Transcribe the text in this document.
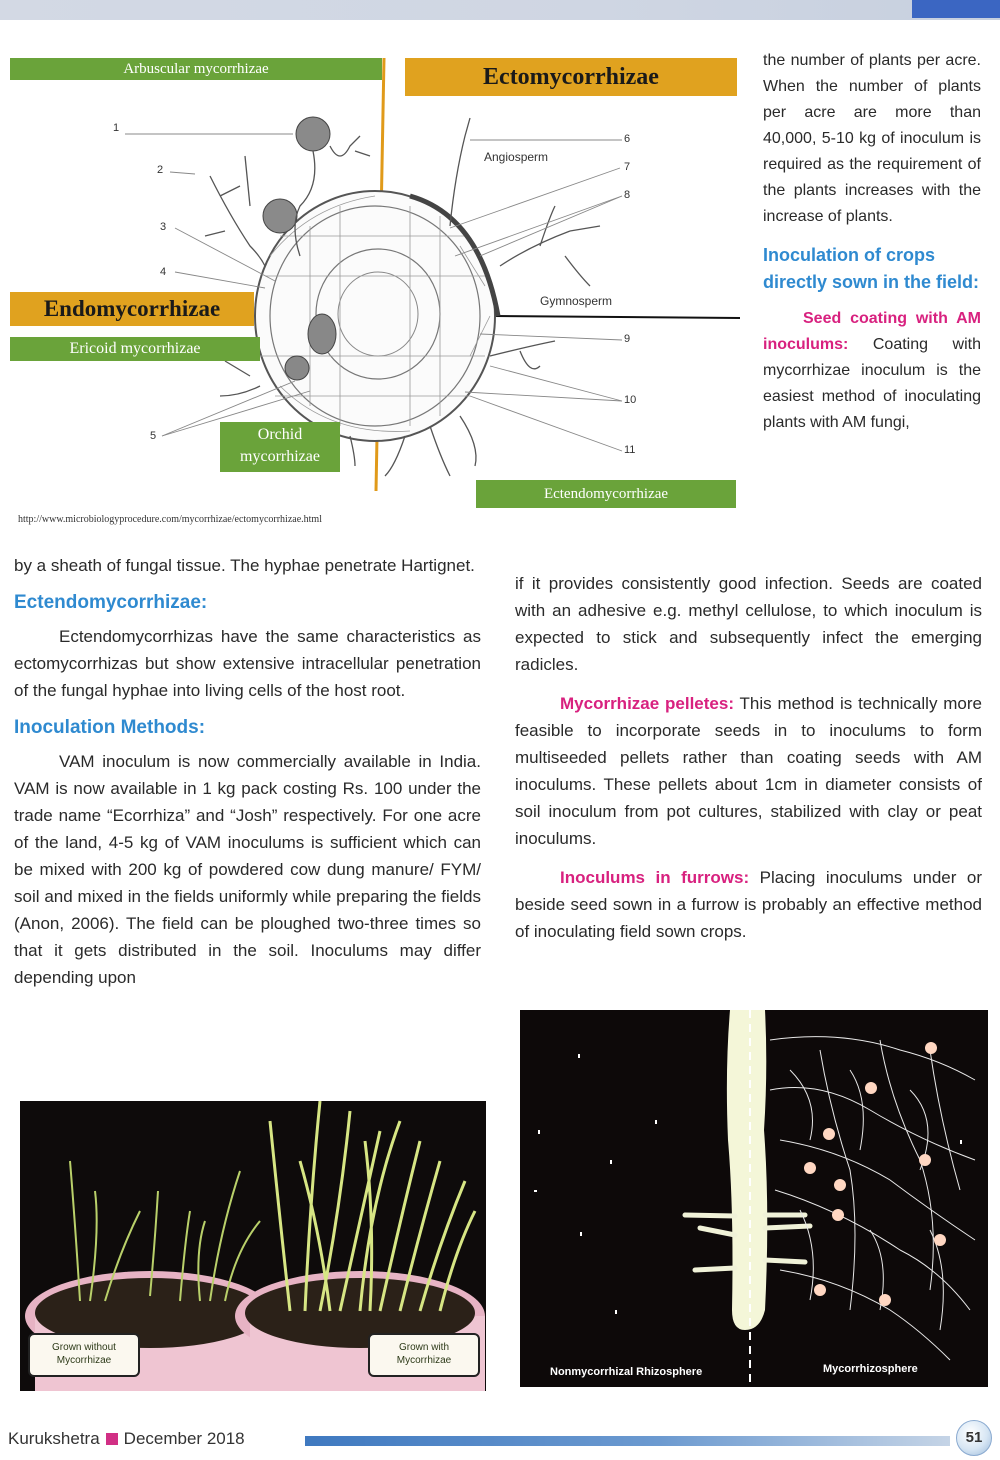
Arbuscular mycorrhizae	Ectomycorrhizae
Endomycorrhizae
Ericoid mycorrhizae
Orchid
mycorrhizae
Ectendomycorrhizae
Angiosperm
Gymnosperm
1
2
3
4
5
6
7
8
9
10
11
http://www.microbiologyprocedure.com/mycorrhizae/ectomycorrhizae.html

the number of plants per acre. When the number of plants per acre are more than 40,000, 5-10 kg of inoculum is required as the requirement of the plants increases with the increase of plants.

Inoculation of crops directly sown in the field:

Seed coating with AM inoculums: Coating with mycorrhizae inoculum is the easiest method of inoculating plants with AM fungi,

by a sheath of fungal tissue. The hyphae penetrate Hartignet.

Ectendomycorrhizae:

Ectendomycorrhizas have the same characteristics as ectomycorrhizas but show extensive intracellular penetration of the fungal hyphae into living cells of the host root.

Inoculation Methods:

VAM inoculum is now commercially available in India. VAM is now available in 1 kg pack costing Rs. 100 under the trade name “Ecorrhiza” and “Josh” respectively. For one acre of the land, 4-5 kg of VAM inoculums is sufficient which can be mixed with 200 kg of powdered cow dung manure/ FYM/ soil and mixed in the fields uniformly while preparing the fields (Anon, 2006). The field can be ploughed two-three times so that it gets distributed in the soil. Inoculums may differ depending upon

if it provides consistently good infection. Seeds are coated with an adhesive e.g. methyl cellulose, to which inoculum is expected to stick and subsequently infect the emerging radicles.

Mycorrhizae pelletes: This method is technically more feasible to incorporate seeds in to inoculums to form multiseeded pellets rather than coating seeds with AM inoculums. These pellets about 1cm in diameter consists of soil inoculum from pot cultures, stabilized with clay or peat inoculums.

Inoculums in furrows: Placing inoculums under or beside seed sown in a furrow is probably an effective method of inoculating field sown crops.

Grown without
Mycorrhizae
Grown with
Mycorrhizae
Nonmycorrhizal Rhizosphere	Mycorrhizosphere
Kurukshetra December 2018	51
